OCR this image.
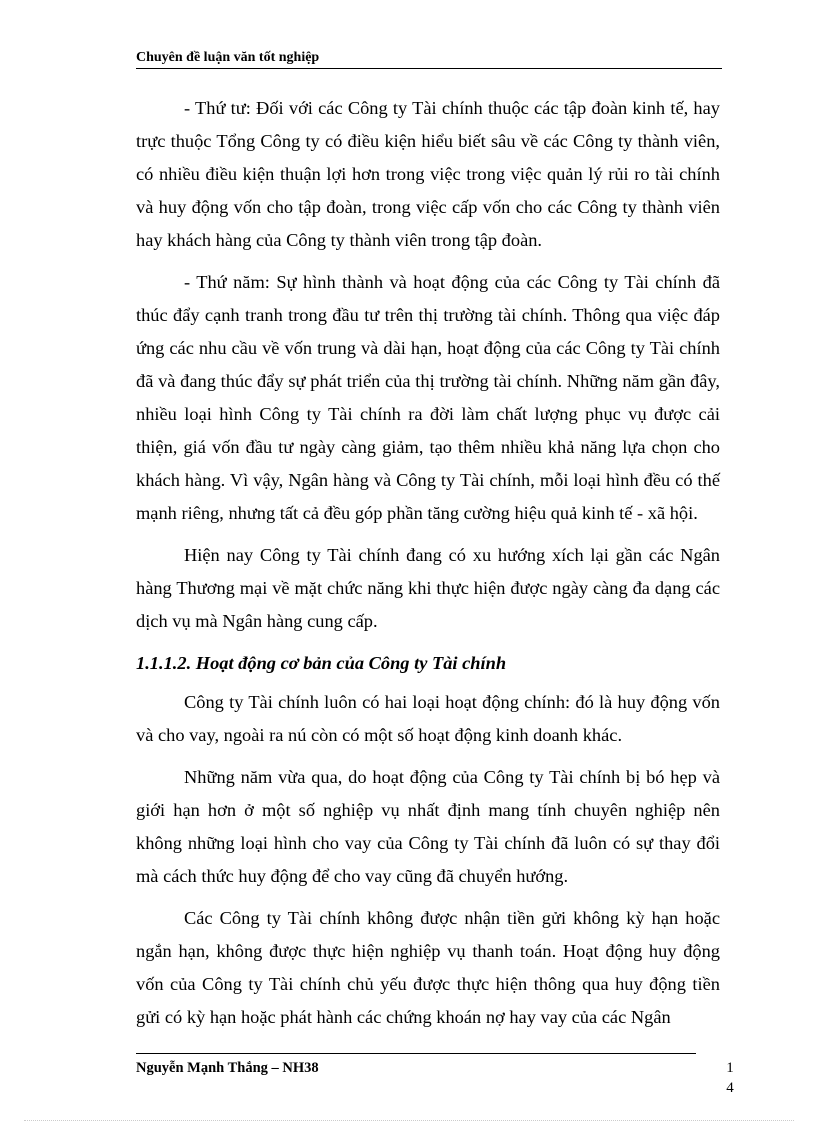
Chuyên đề luận văn tốt nghiệp

- Thứ tư: Đối với các Công ty Tài chính thuộc các tập đoàn kinh tế, hay trực thuộc Tổng Công ty có điều kiện hiểu biết sâu về các Công ty thành viên, có nhiều điều kiện thuận lợi hơn trong việc trong việc quản lý rủi ro tài chính và huy động vốn cho tập đoàn, trong việc cấp vốn cho các Công ty thành viên hay khách hàng của Công ty thành viên trong tập đoàn.

- Thứ năm: Sự hình thành và hoạt động của các Công ty Tài chính đã thúc đẩy cạnh tranh trong đầu tư trên thị trường tài chính. Thông qua việc đáp ứng các nhu cầu về vốn trung và dài hạn, hoạt động của các Công ty Tài chính đã và đang thúc đẩy sự phát triển của thị trường tài chính. Những năm gần đây, nhiều loại hình Công ty Tài chính ra đời làm chất lượng phục vụ được cải thiện, giá vốn đầu tư ngày càng giảm, tạo thêm nhiều khả năng lựa chọn cho khách hàng. Vì vậy, Ngân hàng và Công ty Tài chính, mỗi loại hình đều có thế mạnh riêng, nhưng tất cả đều góp phần tăng cường hiệu quả kinh tế - xã hội.

Hiện nay Công ty Tài chính đang có xu hướng xích lại gần các Ngân hàng Thương mại về mặt chức năng khi thực hiện được ngày càng đa dạng các dịch vụ mà Ngân hàng cung cấp.

1.1.1.2. Hoạt động cơ bản của Công ty Tài chính

Công ty Tài chính luôn có hai loại hoạt động chính: đó là huy động vốn và cho vay, ngoài ra nú còn có một số hoạt động kinh doanh khác.

Những năm vừa qua, do hoạt động của Công ty Tài chính bị bó hẹp và giới hạn hơn ở một số nghiệp vụ nhất định mang tính chuyên nghiệp nên không những loại hình cho vay của Công ty Tài chính đã luôn có sự thay đổi mà cách thức huy động để cho vay cũng đã chuyển hướng.

Các Công ty Tài chính không được nhận tiền gửi không kỳ hạn hoặc ngắn hạn, không được thực hiện nghiệp vụ thanh toán. Hoạt động huy động vốn của Công ty Tài chính chủ yếu được thực hiện thông qua huy động tiền gửi có kỳ hạn hoặc phát hành các chứng khoán nợ hay vay của các Ngân

Nguyễn Mạnh Thắng – NH38	1
4
